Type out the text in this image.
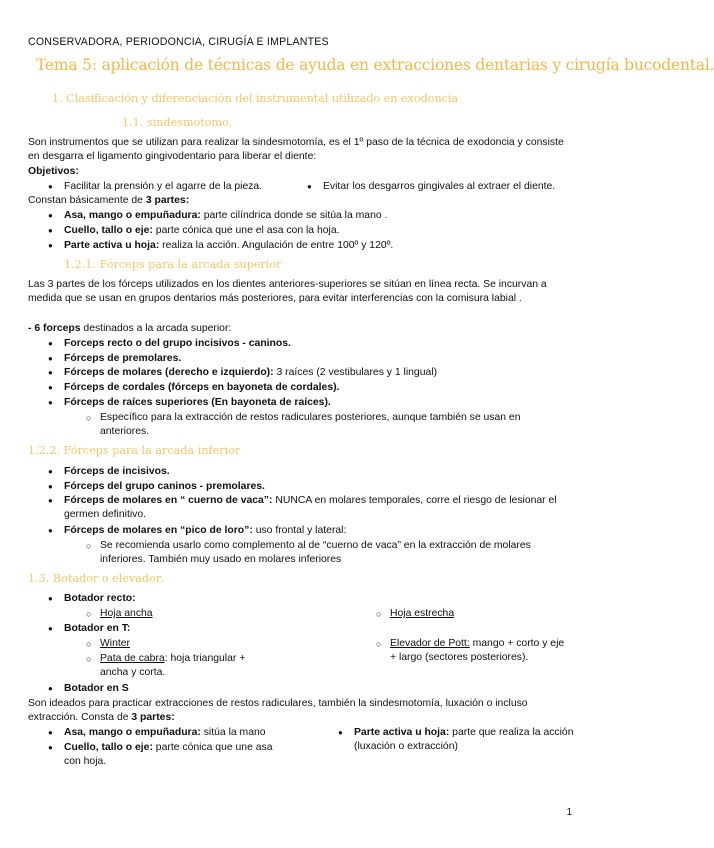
CONSERVADORA, PERIODONCIA, CIRUGÍA E IMPLANTES
Tema 5: aplicación de técnicas de ayuda en extracciones dentarias y cirugía bucodental.
1. Clasificación y diferenciación del instrumental utilizado en exodoncia
1.1. sindesmotomo.
Son instrumentos que se utilizan para realizar la sindesmotomía, es el 1º paso de la técnica de exodoncia y consiste en desgarra el ligamento gingivodentario para liberar el diente:
Objetivos:
● Facilitar la prensión y el agarre de la pieza.	● Evitar los desgarros gingivales al extraer el diente.
Constan básicamente de 3 partes:
● Asa, mango o empuñadura: parte cilíndrica donde se sitúa la mano .
● Cuello, tallo o eje: parte cónica que une el asa con la hoja.
● Parte activa u hoja: realiza la acción. Angulación de entre 100º y 120º.
1.2.1. Fórceps para la arcada superior
Las 3 partes de los fórceps utilizados en los dientes anteriores-superiores se sitúan en línea recta. Se incurvan a medida que se usan en grupos dentarios más posteriores, para evitar interferencias con la comisura labial .
- 6 forceps destinados a la arcada superior:
● Forceps recto o del grupo incisivos - caninos.
● Fórceps de premolares.
● Fórceps de molares (derecho e izquierdo): 3 raíces (2 vestibulares y 1 lingual)
● Fórceps de cordales (fórceps en bayoneta de cordales).
● Fórceps de raíces superiores (En bayoneta de raíces).
○ Específico para la extracción de restos radiculares posteriores, aunque también se usan en anteriores.
1.2.2. Fórceps para la arcada inferior
● Fórceps de incisivos.
● Fórceps del grupo caninos - premolares.
● Fórceps de molares en “ cuerno de vaca”: NUNCA en molares temporales, corre el riesgo de lesionar el germen definitivo.
● Fórceps de molares en “pico de loro”: uso frontal y lateral:
○ Se recomienda usarlo como complemento al de “cuerno de vaca” en la extracción de molares inferiores. También muy usado en molares inferiores
1.3. Botador o elevador.
● Botador recto:
○ Hoja ancha	○ Hoja estrecha
● Botador en T:
○ Winter
○ Pata de cabra: hoja triangular + ancha y corta.
○ Elevador de Pott: mango + corto y eje + largo (sectores posteriores).
● Botador en S
Son ideados para practicar extracciones de restos radiculares, también la sindesmotomía, luxación o incluso extracción. Consta de 3 partes:
● Asa, mango o empuñadura: sitúa la mano
● Cuello, tallo o eje: parte cónica que une asa con hoja.
● Parte activa u hoja: parte que realiza la acción (luxación o extracción)
1
